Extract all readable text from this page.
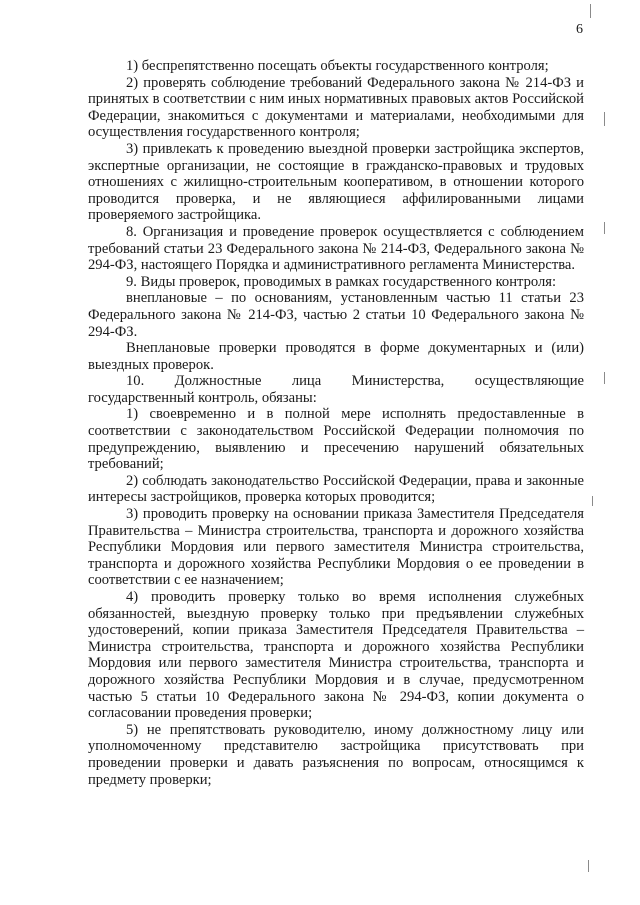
6

1) беспрепятственно посещать объекты государственного контроля;

2) проверять соблюдение требований Федерального закона № 214-ФЗ и принятых в соответствии с ним иных нормативных правовых актов Российской Федерации, знакомиться с документами и материалами, необходимыми для осуществления государственного контроля;

3) привлекать к проведению выездной проверки застройщика экспертов, экспертные организации, не состоящие в гражданско-правовых и трудовых отношениях с жилищно-строительным кооперативом, в отношении которого проводится проверка, и не являющиеся аффилированными лицами проверяемого застройщика.

8. Организация и проведение проверок осуществляется с соблюдением требований статьи 23 Федерального закона № 214-ФЗ, Федерального закона № 294-ФЗ, настоящего Порядка и административного регламента Министерства.

9. Виды проверок, проводимых в рамках государственного контроля:

внеплановые – по основаниям, установленным частью 11 статьи 23 Федерального закона № 214-ФЗ, частью 2 статьи 10 Федерального закона № 294-ФЗ.

Внеплановые проверки проводятся в форме документарных и (или) выездных проверок.

10. Должностные лица Министерства, осуществляющие государственный контроль, обязаны:

1) своевременно и в полной мере исполнять предоставленные в соответствии с законодательством Российской Федерации полномочия по предупреждению, выявлению и пресечению нарушений обязательных требований;

2) соблюдать законодательство Российской Федерации, права и законные интересы застройщиков, проверка которых проводится;

3) проводить проверку на основании приказа Заместителя Председателя Правительства – Министра строительства, транспорта и дорожного хозяйства Республики Мордовия или первого заместителя Министра строительства, транспорта и дорожного хозяйства Республики Мордовия о ее проведении в соответствии с ее назначением;

4) проводить проверку только во время исполнения служебных обязанностей, выездную проверку только при предъявлении служебных удостоверений, копии приказа Заместителя Председателя Правительства – Министра строительства, транспорта и дорожного хозяйства Республики Мордовия или первого заместителя Министра строительства, транспорта и дорожного хозяйства Республики Мордовия и в случае, предусмотренном частью 5 статьи 10 Федерального закона № 294-ФЗ, копии документа о согласовании проведения проверки;

5) не препятствовать руководителю, иному должностному лицу или уполномоченному представителю застройщика присутствовать при проведении проверки и давать разъяснения по вопросам, относящимся к предмету проверки;
